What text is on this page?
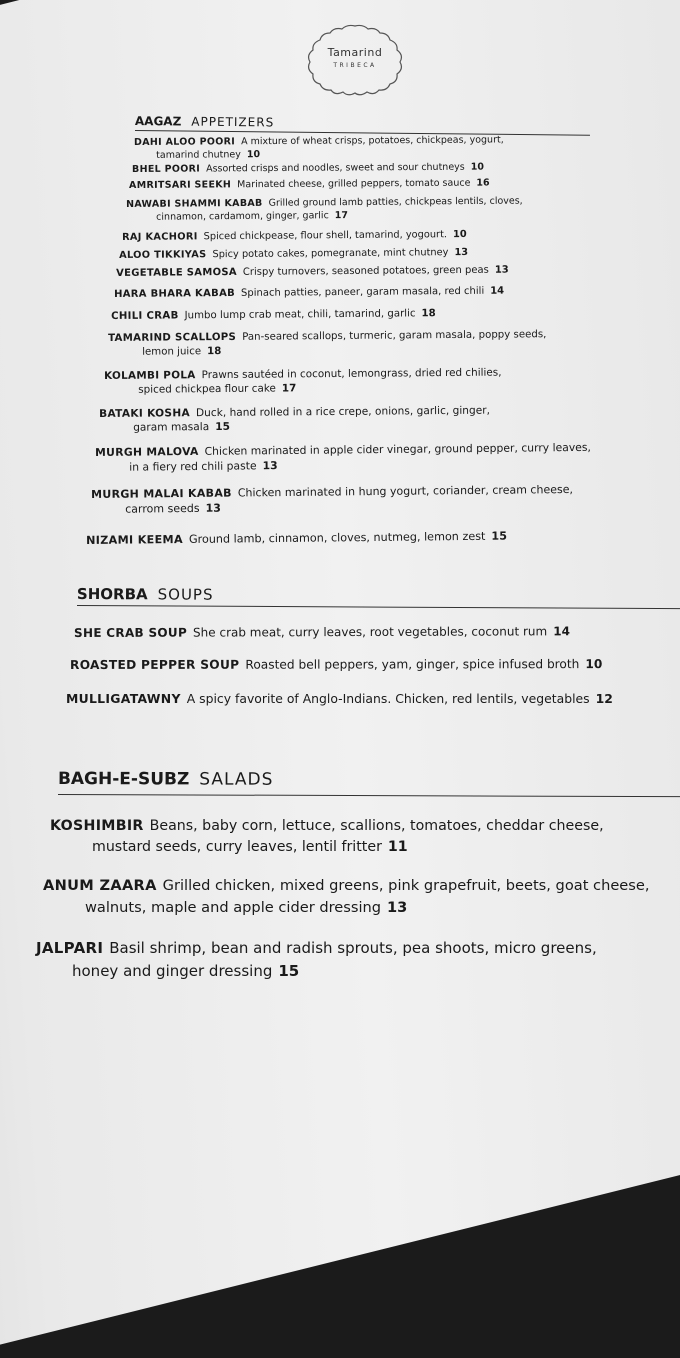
Tamarind
TRIBECA
AAGAZ APPETIZERS
DAHI ALOO POORI A mixture of wheat crisps, potatoes, chickpeas, yogurt,
tamarind chutney 10
BHEL POORI Assorted crisps and noodles, sweet and sour chutneys 10
AMRITSARI SEEKH Marinated cheese, grilled peppers, tomato sauce 16
NAWABI SHAMMI KABAB Grilled ground lamb patties, chickpeas lentils, cloves,
cinnamon, cardamom, ginger, garlic 17
RAJ KACHORI Spiced chickpease, flour shell, tamarind, yogourt. 10
ALOO TIKKIYAS Spicy potato cakes, pomegranate, mint chutney 13
VEGETABLE SAMOSA Crispy turnovers, seasoned potatoes, green peas 13
HARA BHARA KABAB Spinach patties, paneer, garam masala, red chili 14
CHILI CRAB Jumbo lump crab meat, chili, tamarind, garlic 18
TAMARIND SCALLOPS Pan-seared scallops, turmeric, garam masala, poppy seeds,
lemon juice 18
KOLAMBI POLA Prawns sautéed in coconut, lemongrass, dried red chilies,
spiced chickpea flour cake 17
BATAKI KOSHA Duck, hand rolled in a rice crepe, onions, garlic, ginger,
garam masala 15
MURGH MALOVA Chicken marinated in apple cider vinegar, ground pepper, curry leaves,
in a fiery red chili paste 13
MURGH MALAI KABAB Chicken marinated in hung yogurt, coriander, cream cheese,
carrom seeds 13
NIZAMI KEEMA Ground lamb, cinnamon, cloves, nutmeg, lemon zest 15
SHORBA SOUPS
SHE CRAB SOUP She crab meat, curry leaves, root vegetables, coconut rum 14
ROASTED PEPPER SOUP Roasted bell peppers, yam, ginger, spice infused broth 10
MULLIGATAWNY A spicy favorite of Anglo-Indians. Chicken, red lentils, vegetables 12
BAGH-E-SUBZ SALADS
KOSHIMBIR Beans, baby corn, lettuce, scallions, tomatoes, cheddar cheese,
mustard seeds, curry leaves, lentil fritter 11
ANUM ZAARA Grilled chicken, mixed greens, pink grapefruit, beets, goat cheese,
walnuts, maple and apple cider dressing 13
JALPARI Basil shrimp, bean and radish sprouts, pea shoots, micro greens,
honey and ginger dressing 15
